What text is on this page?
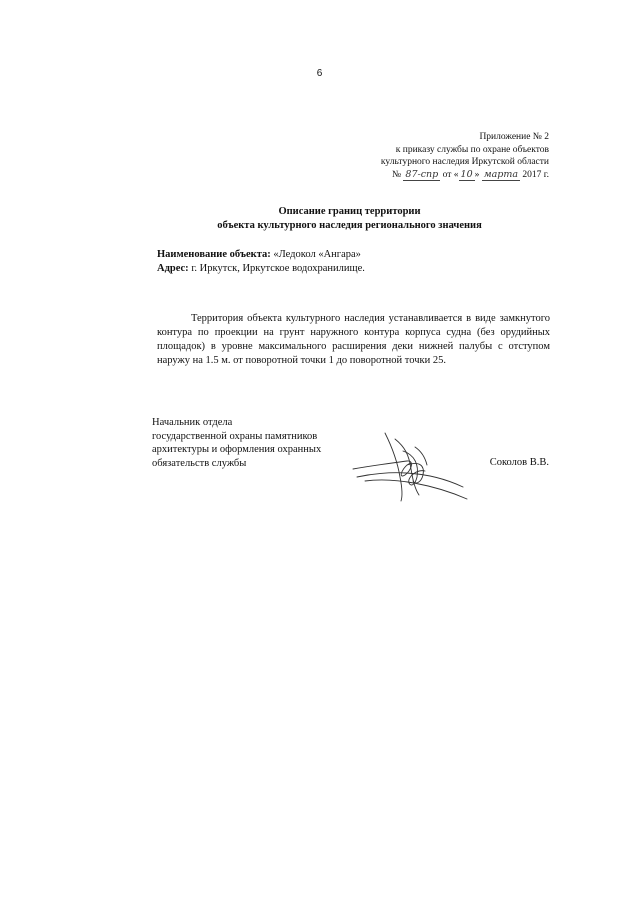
6
Приложение № 2
к приказу службы по охране объектов
культурного наследия Иркутской области
№ 87-спр от « 10 » марта 2017 г.
Описание границ территории
объекта культурного наследия регионального значения
Наименование объекта: «Ледокол «Ангара»
Адрес: г. Иркутск, Иркутское водохранилище.

Территория объекта культурного наследия устанавливается в виде замкнутого контура по проекции на грунт наружного контура корпуса судна (без орудийных площадок) в уровне максимального расширения деки нижней палубы с отступом наружу на 1.5 м. от поворотной точки 1 до поворотной точки 25.

Начальник отдела
государственной охраны памятников
архитектуры и оформления охранных
обязательств службы	Соколов В.В.
